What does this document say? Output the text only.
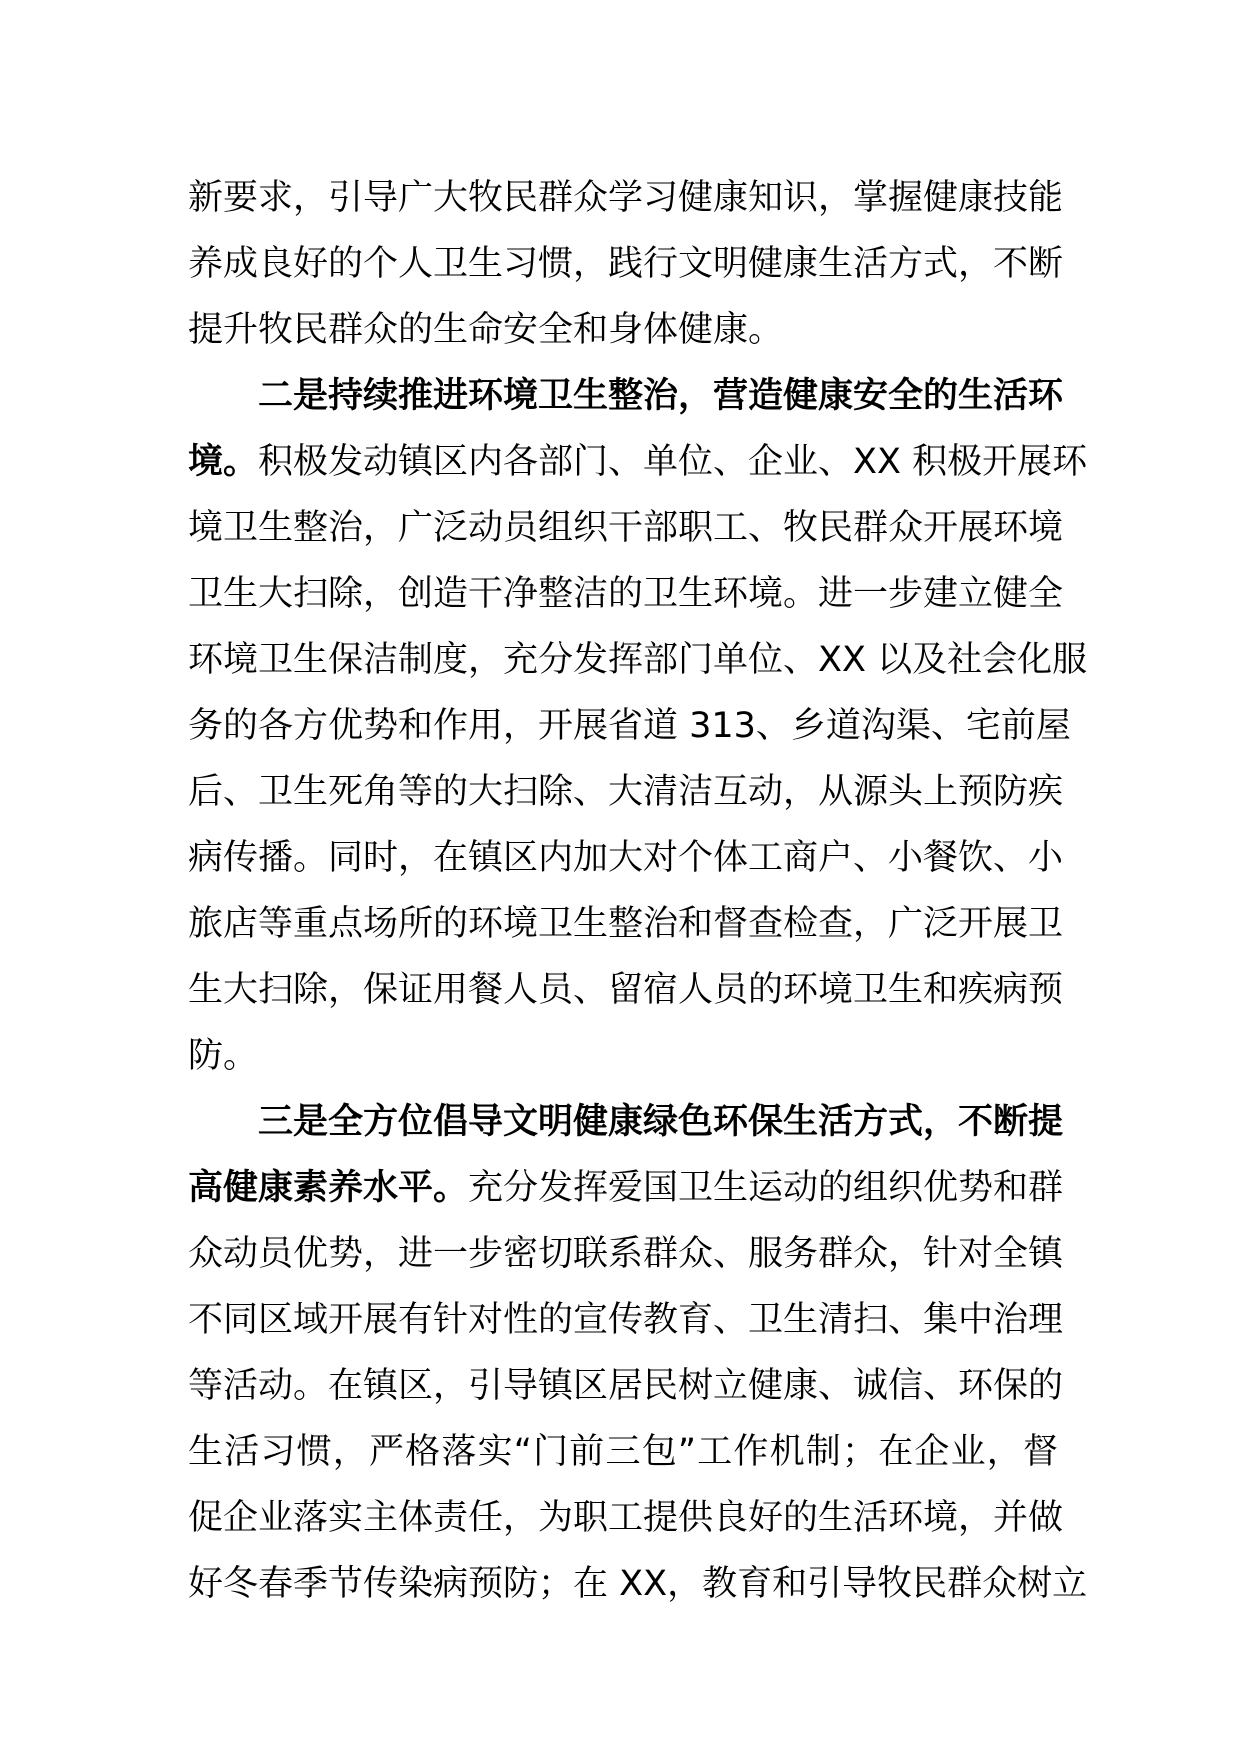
新要求，引导广大牧民群众学习健康知识，掌握健康技能
养成良好的个人卫生习惯，践行文明健康生活方式，不断
提升牧民群众的生命安全和身体健康。
二是持续推进环境卫生整治，营造健康安全的生活环
境。积极发动镇区内各部门、单位、企业、XX 积极开展环
境卫生整治，广泛动员组织干部职工、牧民群众开展环境
卫生大扫除，创造干净整洁的卫生环境。进一步建立健全
环境卫生保洁制度，充分发挥部门单位、XX 以及社会化服
务的各方优势和作用，开展省道 313、乡道沟渠、宅前屋
后、卫生死角等的大扫除、大清洁互动，从源头上预防疾
病传播。同时，在镇区内加大对个体工商户、小餐饮、小
旅店等重点场所的环境卫生整治和督查检查，广泛开展卫
生大扫除，保证用餐人员、留宿人员的环境卫生和疾病预
防。
三是全方位倡导文明健康绿色环保生活方式，不断提
高健康素养水平。充分发挥爱国卫生运动的组织优势和群
众动员优势，进一步密切联系群众、服务群众，针对全镇
不同区域开展有针对性的宣传教育、卫生清扫、集中治理
等活动。在镇区，引导镇区居民树立健康、诚信、环保的
生活习惯，严格落实“门前三包”工作机制；在企业，督
促企业落实主体责任，为职工提供良好的生活环境，并做
好冬春季节传染病预防；在 XX，教育和引导牧民群众树立
